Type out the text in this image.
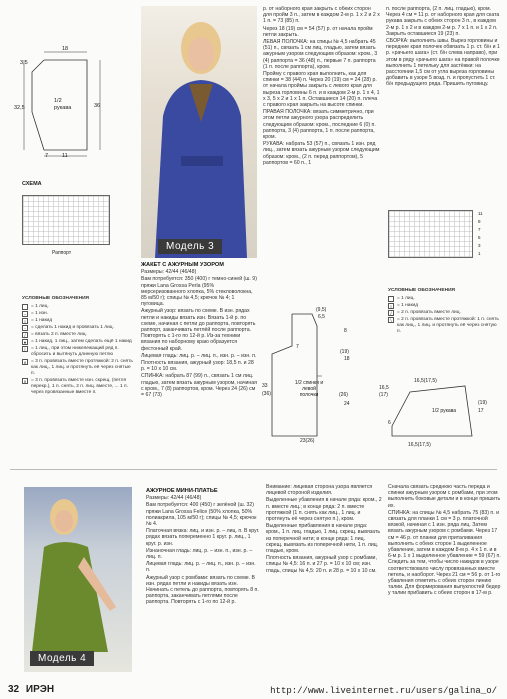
18
3,5
32,5
1/2 рукава	36
7	11
СХЕМА
Раппорт
УСЛОВНЫЕ ОБОЗНАЧЕНИЯ
= 1 лиц.
– = 1 изн.
○ = 1 накид
◦	= сделать 1 накид и провязать 1 лиц.
/	= вязать 2 п. вместе лиц.
● = 1 накид, 1 лиц., затем сделать ещё 1 накид
|	= 1 лиц., при этом нижележащий ряд п. сбросить и вытянуть длинную петлю
∧ = 3 п. провязать вместе протяжкой: 2 п. снять как лиц., 1 лиц. и протянуть её через снятые п.
∨ = 3 п. провязать вместе изн. скрещ. (петля перекр.), 1 п. снять, 2 п. лиц. вместе, ... 1 п. через провязанные вместе п.
Модель 3

ЖАКЕТ С АЖУРНЫМ УЗОРОМ

Размеры: 42/44 (46/48)

Вам потребуется: 350 (400) г темно-синей (ш. 9) пряжи Lana Grossa Perla (95% мерсеризованного хлопка, 5% стекловолокна, 85 м/50 г); спицы № 4,5; крючок № 4; 1 пуговица.

Ажурный узор: вязать по схеме. В изн. рядах петли и накиды вязать изн. Вязать 1-й р. по схеме, начиная с петли до раппорта, повторять раппорт, заканчивать петлёй после раппорта. Повторять с 1-го по 12-й р. Из-за техники вязания по наборному краю образуется фестонный край.

Лицевая гладь: лиц. р. – лиц. п., изн. р. – изн. п.

Плотность вязания, ажурный узор: 18,5 п. и 28 р. = 10 х 10 см.

СПИНКА: набрать 87 (99) п., связать 1 см лиц. гладью, затем вязать ажурным узором, начиная с кром., 7 (8) раппортов, кром. Через 24 (26) см = 67 (73)

р. от наборного края закрыть с обеих сторон для пройм 3 п., затем в каждом 2-м р. 1 х 2 и 2 х 1 п. = 73 (85) п.

Через 18 (19) см = 54 (57) р. от начала пройм петли закрыть.

ЛЕВАЯ ПОЛОЧКА: на спицы № 4,5 набрать 45 (51) п., связать 1 см лиц. гладью, затем вязать ажурным узором следующим образом: кром., 3 (4) раппорта = 36 (48) п., первые 7 п. раппорта (1 п. после раппорта), кром.

Пройму с правого края выполнить, как для спинки = 38 (44) п. Через 20 (19) см = 24 (28) р. от начала проймы закрыть с левого края для выреза горловины 6 п. и в каждом 2-м р. 1 х 4, 1 х 3, 5 х 2 и 1 х 1 п. Оставшиеся 14 (20) п. плеча с правого края закрыть на высоте спинки.

ПРАВАЯ ПОЛОЧКА: вязать симметрично, при этом петли ажурного узора распределить следующим образом: кром., последние 6 (0) п. раппорта, 3 (4) раппорта, 1 п. после раппорта, кром.

РУКАВА: набрать 53 (57) п., связать 1 изн. ряд лиц., затем вязать ажурным узором следующим образом: кром., (2 п. перед раппортом), 5 раппортов = 60 п., 1

п. после раппорта, (2 п. лиц. гладью), кром. Через 4 см = 11 р. от наборного края для ската рукава закрыть с обеих сторон 3 п., в каждом 2-м р. 1 х 2 и в каждом 2-м р. 7 х 1 п. и 1 х 2 п. Закрыть оставшиеся 19 (23) п.

СБОРКА: выполнить швы. Вырез горловины и передние края полочек обвязать 1 р. ст. б/н и 1 р. «рачьего шага» (ст. б/н слева направо), при этом в ряду «рачьего шага» на правой полочке выполнить 1 петельку для застёжки: на расстоянии 1,5 см от угла выреза горловины добавить в узоре 5 возд. п. и пропустить 1 ст. б/н предыдущего ряда. Пришить пуговицу.

11
9
7
5
3
1
УСЛОВНЫЕ ОБОЗНАЧЕНИЯ
= 1 лиц.
○ = 1 накид
/	= 2 п. провязать вместе лиц.
\	= 2 п. провязать вместе протяжкой: 1 п. снять как лиц., 1 лиц. и протянуть её через снятую п.
(9,5)
6,5
7
8
(19)
18
33
(36)
1/2 спинки и левой полочки	(26)
24
23(26)
16,5(17,5)
16,5
(17)
1/2 рукава
16,5(17,5)
6
(19)
17
Модель 4

АЖУРНОЕ МИНИ-ПЛАТЬЕ

Размеры: 42/44 (46/48)

Вам потребуется: 400 (450) г зелёной (ш. 32) пряжи Lana Grossa Felice (50% хлопка, 50% полиакрила, 105 м/50 г); спицы № 4,5; крючок № 4.

Платочная вязка: лиц. и изн. р. – лиц. п. В круг. рядах вязать попеременно 1 круг. р. лиц., 1 круг. р. изн.

Изнаночная гладь: лиц. р. – изн. п., изн. р. – лиц. п.

Лицевая гладь: лиц. р. – лиц. п., изн. р. – изн. п.

Ажурный узор с ромбами: вязать по схеме. В изн. рядах петли и накиды вязать изн. Начинать с петель до раппорта, повторять 8 п. раппорта, заканчивать петлями после раппорта. Повторять с 1-го по 12-й р.

Внимание: лицевая сторона узора является лицевой стороной изделия.

Выделенные убавления в начале ряда: кром., 2 п. вместе лиц.; в конце ряда: 2 п. вместе протяжкой (1 п. снять как лиц., 1 лиц. и протянуть её через снятую п.), кром.

Выделенные прибавления в начале ряда: кром., 1 п. лиц. гладью, 1 лиц. скрещ. вывязать из поперечной нити; в конце ряда: 1 лиц. скрещ. вывязать из поперечной нити, 1 п. лиц. гладью, кром.

Плотность вязания, ажурный узор с ромбами, спицы № 4,5: 16 п. и 27 р. = 10 х 10 см; изн. гладь, спицы № 4,5: 20 п. и 28 р. = 10 х 10 см.

Сначала связать среднюю часть переда и спинки ажурным узором с ромбами, при этом выполнить боковые детали и в конце пришить их.

СПИНКА: на спицы № 4,5 набрать 75 (83) п. и связать для планки 1 см = 3 р. платочной вязкой, начиная с 1 изн. ряда лиц. Затем вязать ажурным узором с ромбами. Через 17 см = 46 р. от планки для приталивания выполнить с обеих сторон 1 выделенное убавление, затем в каждом 8-м р. 4 х 1 п. и в 6-м р. 1 х 1 выделенное убавление = 59 (67) п. Следить за тем, чтобы число накидов в узоре соответствовало числу провязанных вместе петель, и наоборот. Через 21 см = 56 р. от 1-го убавления отметить с обеих сторон линию талии. Для формирования выпуклостей бедер у талии прибавить с обеих сторон в 17-м р.

32 ИРЭН	http://www.liveinternet.ru/users/galina_o/
